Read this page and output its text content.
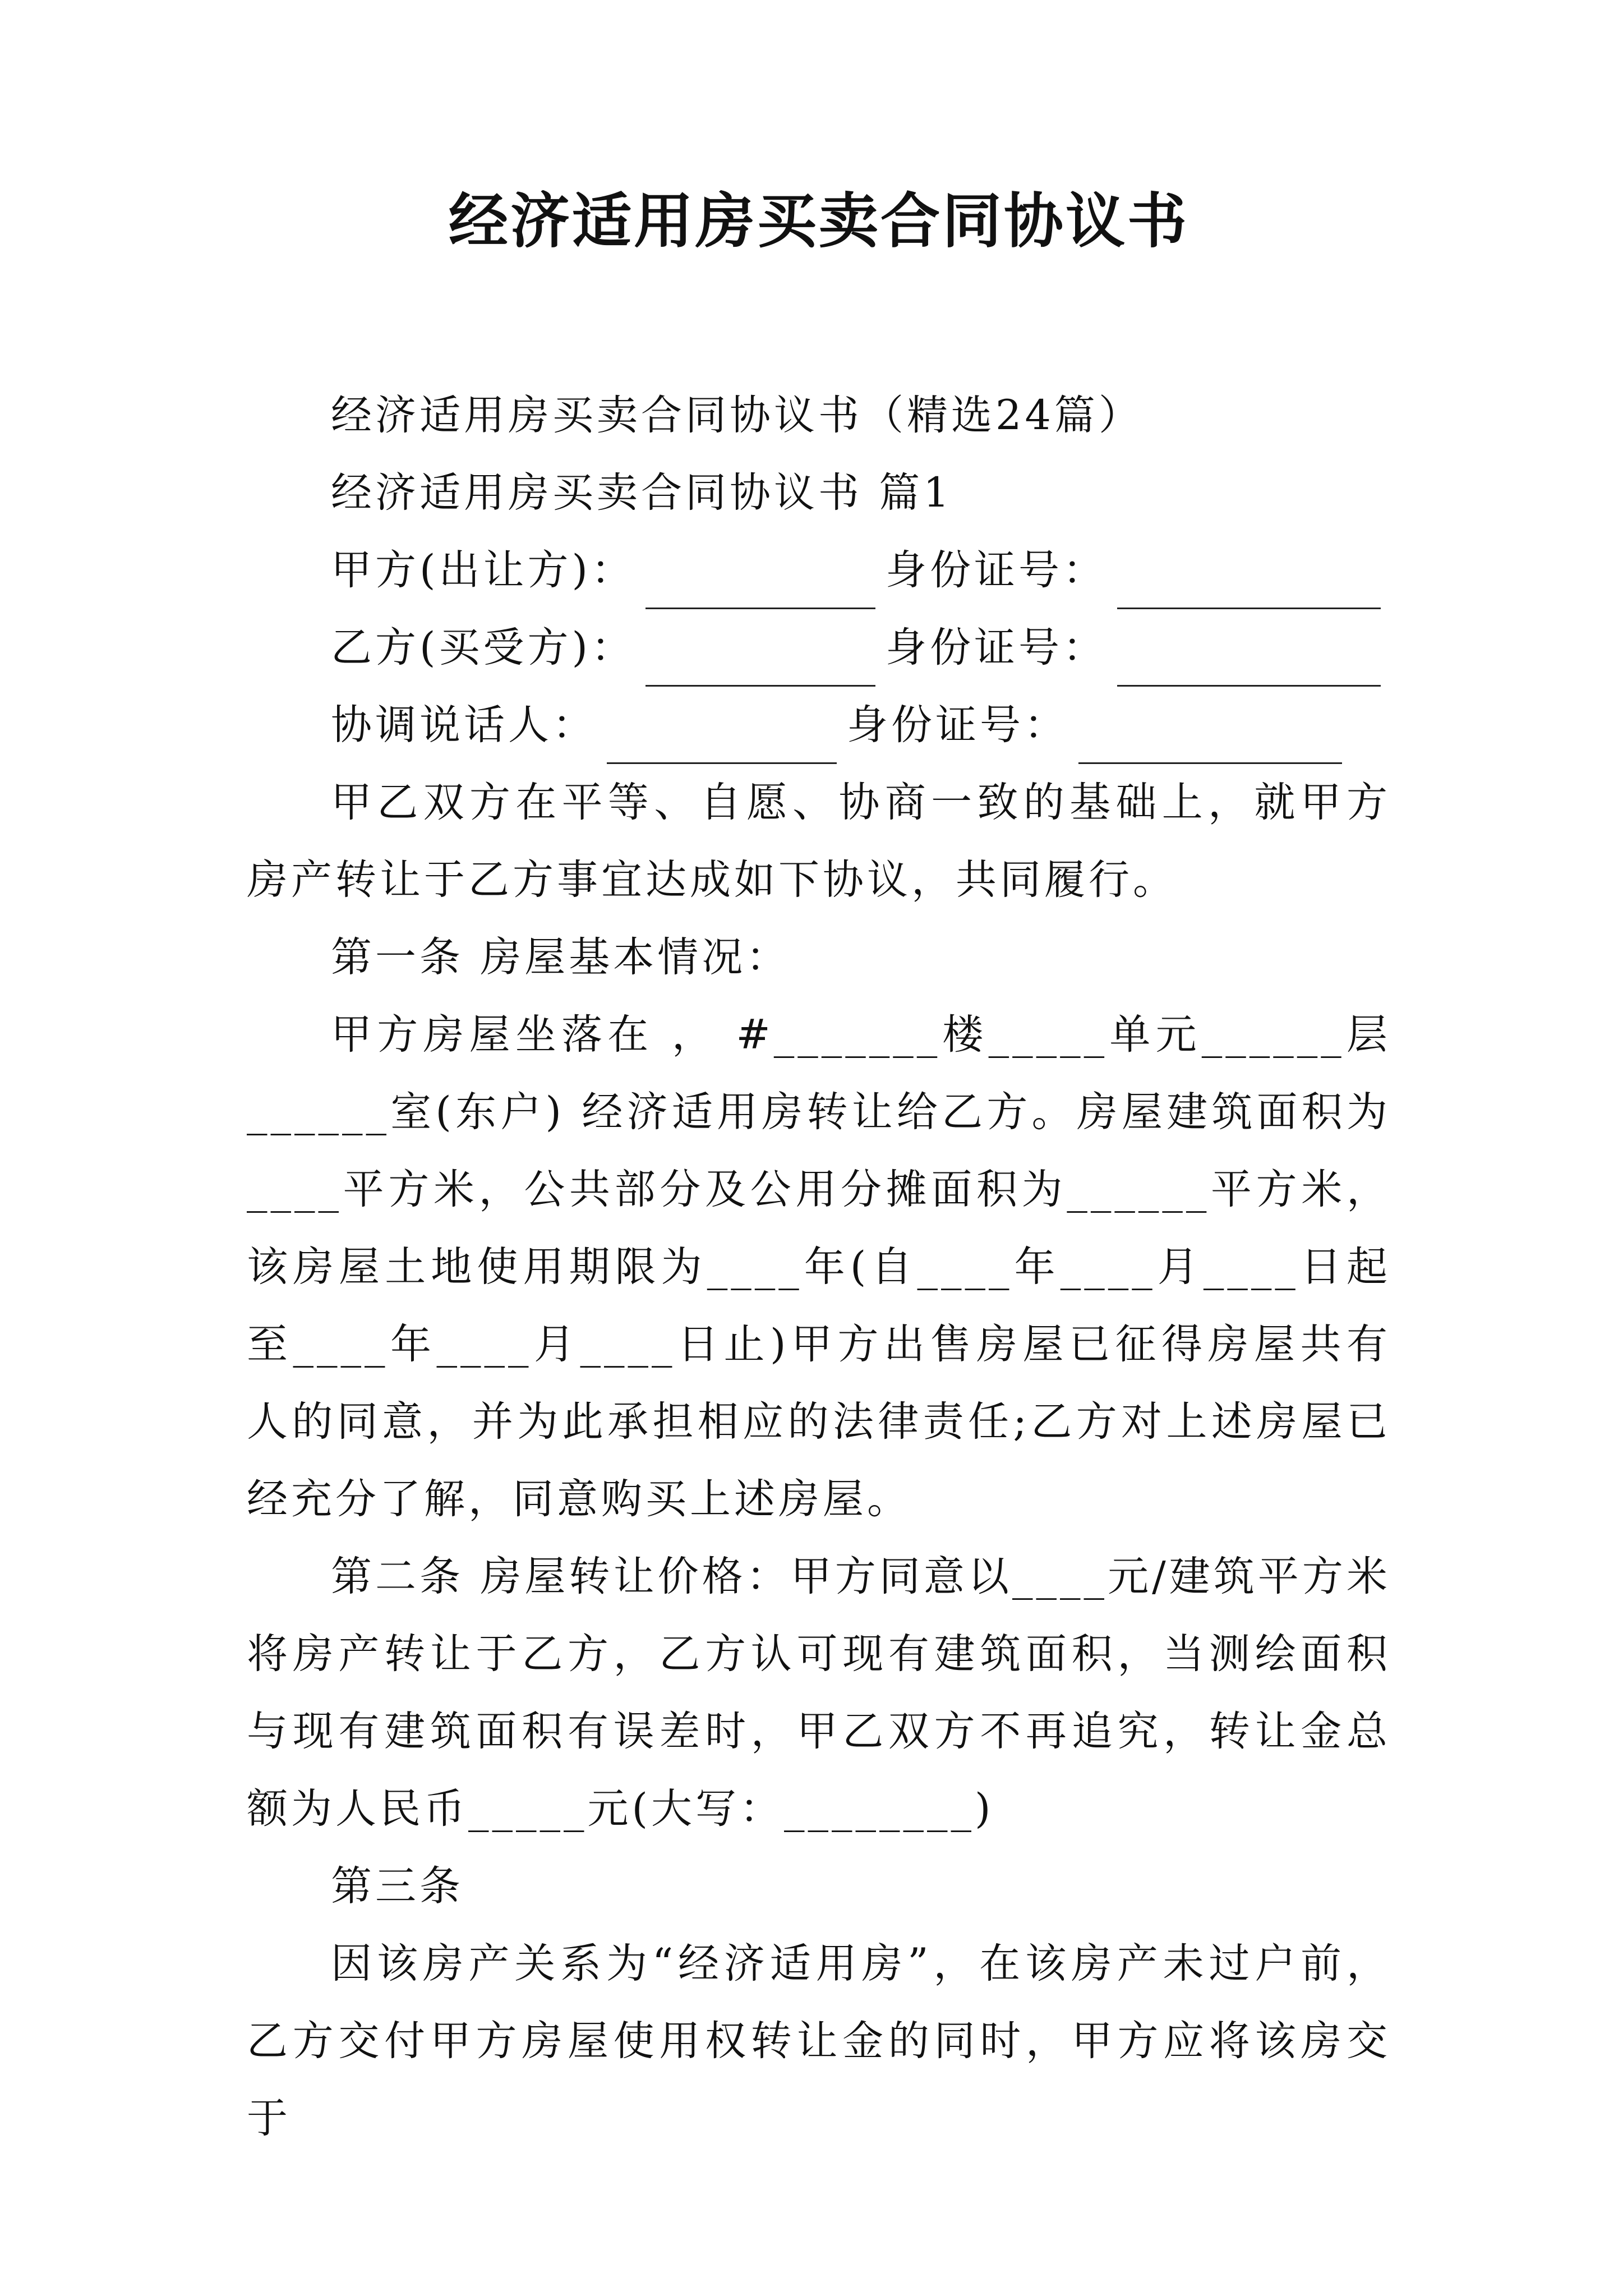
经济适用房买卖合同协议书

经济适用房买卖合同协议书（精选24篇）

经济适用房买卖合同协议书 篇1

甲方(出让方)：	身份证号：
乙方(买受方)：	身份证号：
协调说话人：	身份证号：

甲乙双方在平等、自愿、协商一致的基础上，就甲方房产转让于乙方事宜达成如下协议，共同履行。

第一条 房屋基本情况：

甲方房屋坐落在 ， #_______楼_____单元______层______室(东户) 经济适用房转让给乙方。房屋建筑面积为____平方米，公共部分及公用分摊面积为______平方米，该房屋土地使用期限为____年(自____年____月____日起至____年____月____日止)甲方出售房屋已征得房屋共有人的同意，并为此承担相应的法律责任;乙方对上述房屋已经充分了解，同意购买上述房屋。

第二条 房屋转让价格：甲方同意以____元/建筑平方米将房产转让于乙方，乙方认可现有建筑面积，当测绘面积与现有建筑面积有误差时，甲乙双方不再追究，转让金总额为人民币_____元(大写：________)

第三条

因该房产关系为“经济适用房”，在该房产未过户前，乙方交付甲方房屋使用权转让金的同时，甲方应将该房交于
